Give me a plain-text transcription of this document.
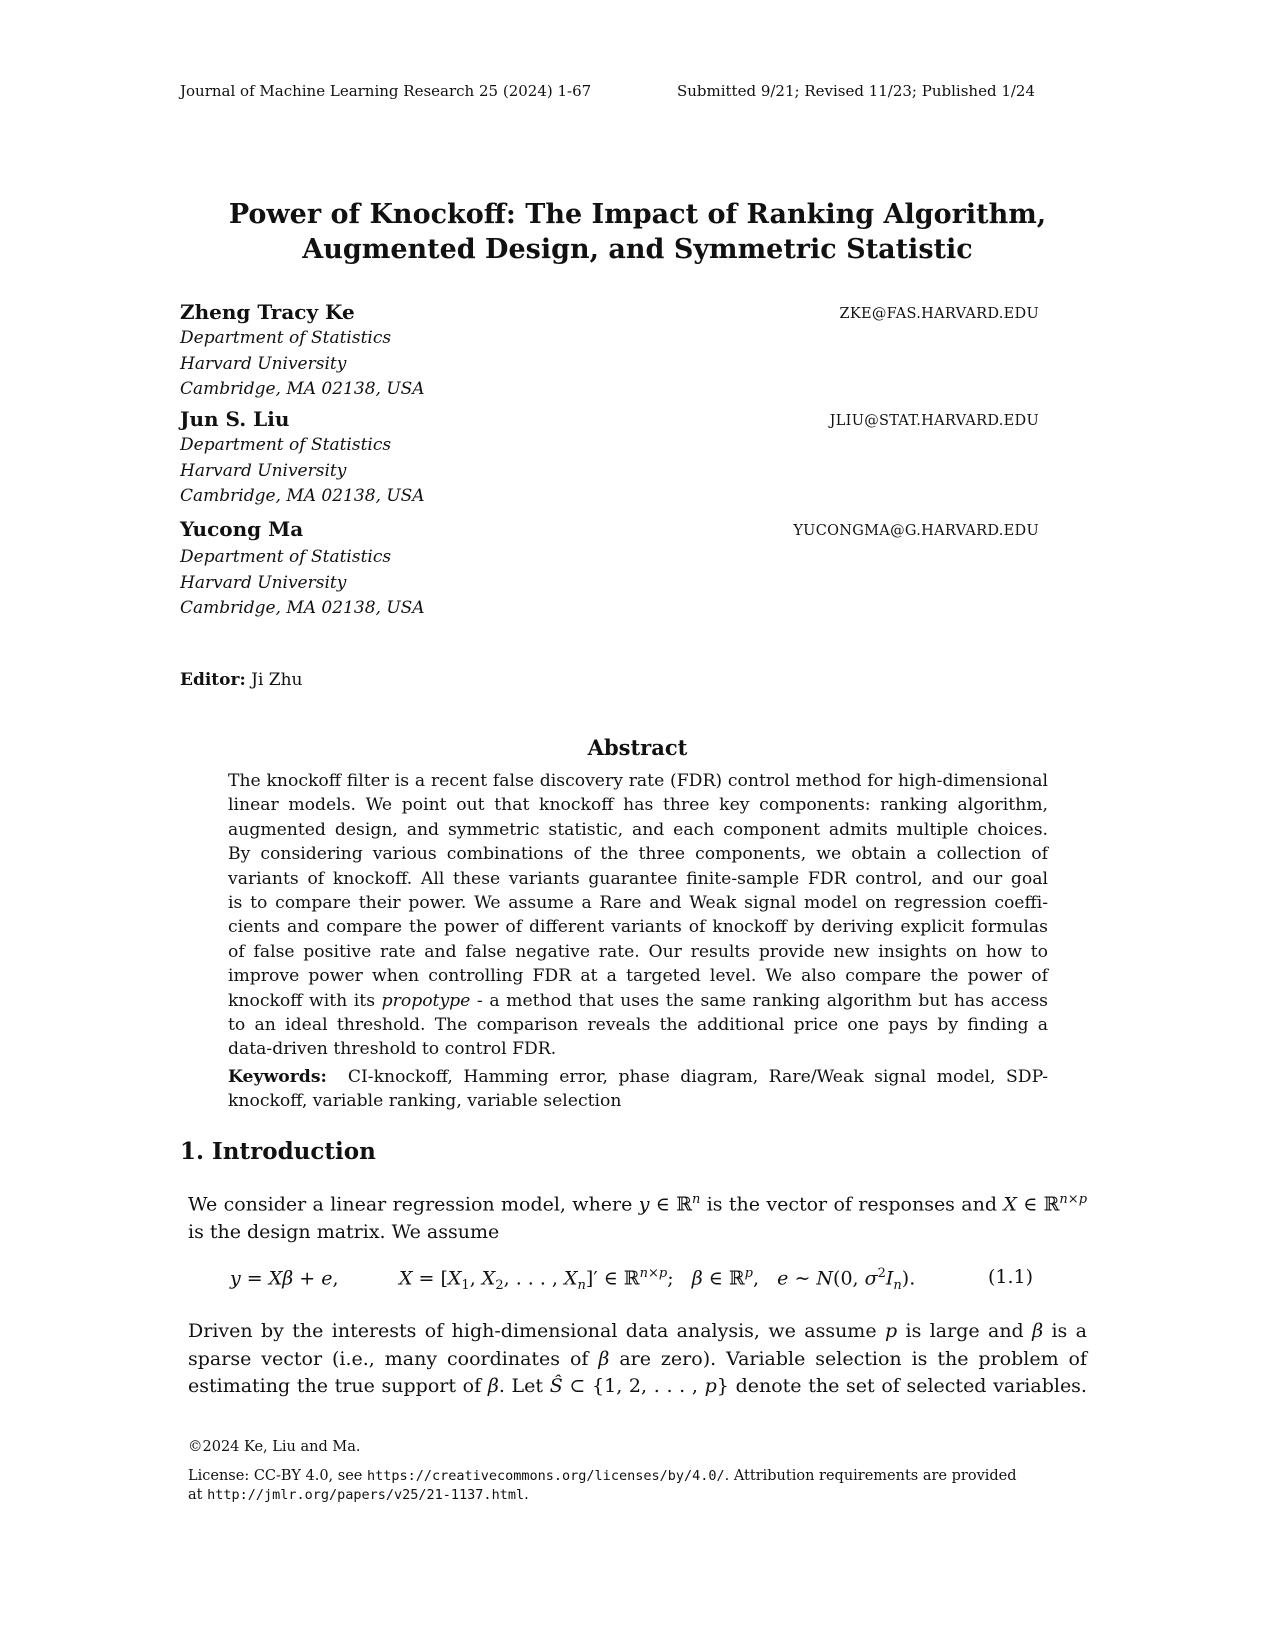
Journal of Machine Learning Research 25 (2024) 1-67	Submitted 9/21; Revised 11/23; Published 1/24
Power of Knockoff: The Impact of Ranking Algorithm,
Augmented Design, and Symmetric Statistic
Zheng Tracy Ke	ZKE@FAS.HARVARD.EDU
Department of Statistics
Harvard University
Cambridge, MA 02138, USA
Jun S. Liu	JLIU@STAT.HARVARD.EDU
Department of Statistics
Harvard University
Cambridge, MA 02138, USA
Yucong Ma	YUCONGMA@G.HARVARD.EDU
Department of Statistics
Harvard University
Cambridge, MA 02138, USA
Editor: Ji Zhu
Abstract
The knockoff filter is a recent false discovery rate (FDR) control method for high-dimensional
linear models. We point out that knockoff has three key components: ranking algorithm,
augmented design, and symmetric statistic, and each component admits multiple choices.
By considering various combinations of the three components, we obtain a collection of
variants of knockoff. All these variants guarantee finite-sample FDR control, and our goal
is to compare their power. We assume a Rare and Weak signal model on regression coeffi-
cients and compare the power of different variants of knockoff by deriving explicit formulas
of false positive rate and false negative rate. Our results provide new insights on how to
improve power when controlling FDR at a targeted level. We also compare the power of
knockoff with its propotype - a method that uses the same ranking algorithm but has access
to an ideal threshold. The comparison reveals the additional price one pays by finding a
data-driven threshold to control FDR.
Keywords: CI-knockoff, Hamming error, phase diagram, Rare/Weak signal model, SDP-
knockoff, variable ranking, variable selection
1. Introduction
We consider a linear regression model, where y ∈ ℝ$^n$ is the vector of responses and X ∈ ℝ$^{n\times p}$
is the design matrix. We assume
y = Xβ + e,          $X = [X_1$, $X_2$, . . . , $X_n]'$ ∈ ℝ$^{n\times p}$;   β ∈ ℝ$^p$,   e ∼ N(0, $\sigma^2I_n$).	(1.1)
Driven by the interests of high-dimensional data analysis, we assume p is large and β is a
sparse vector (i.e., many coordinates of β are zero). Variable selection is the problem of
estimating the true support of β. Let Ŝ ⊂ {1, 2, . . . , p} denote the set of selected variables.
©2024 Ke, Liu and Ma.
License: CC-BY 4.0, see https://creativecommons.org/licenses/by/4.0/. Attribution requirements are provided
at http://jmlr.org/papers/v25/21-1137.html.
